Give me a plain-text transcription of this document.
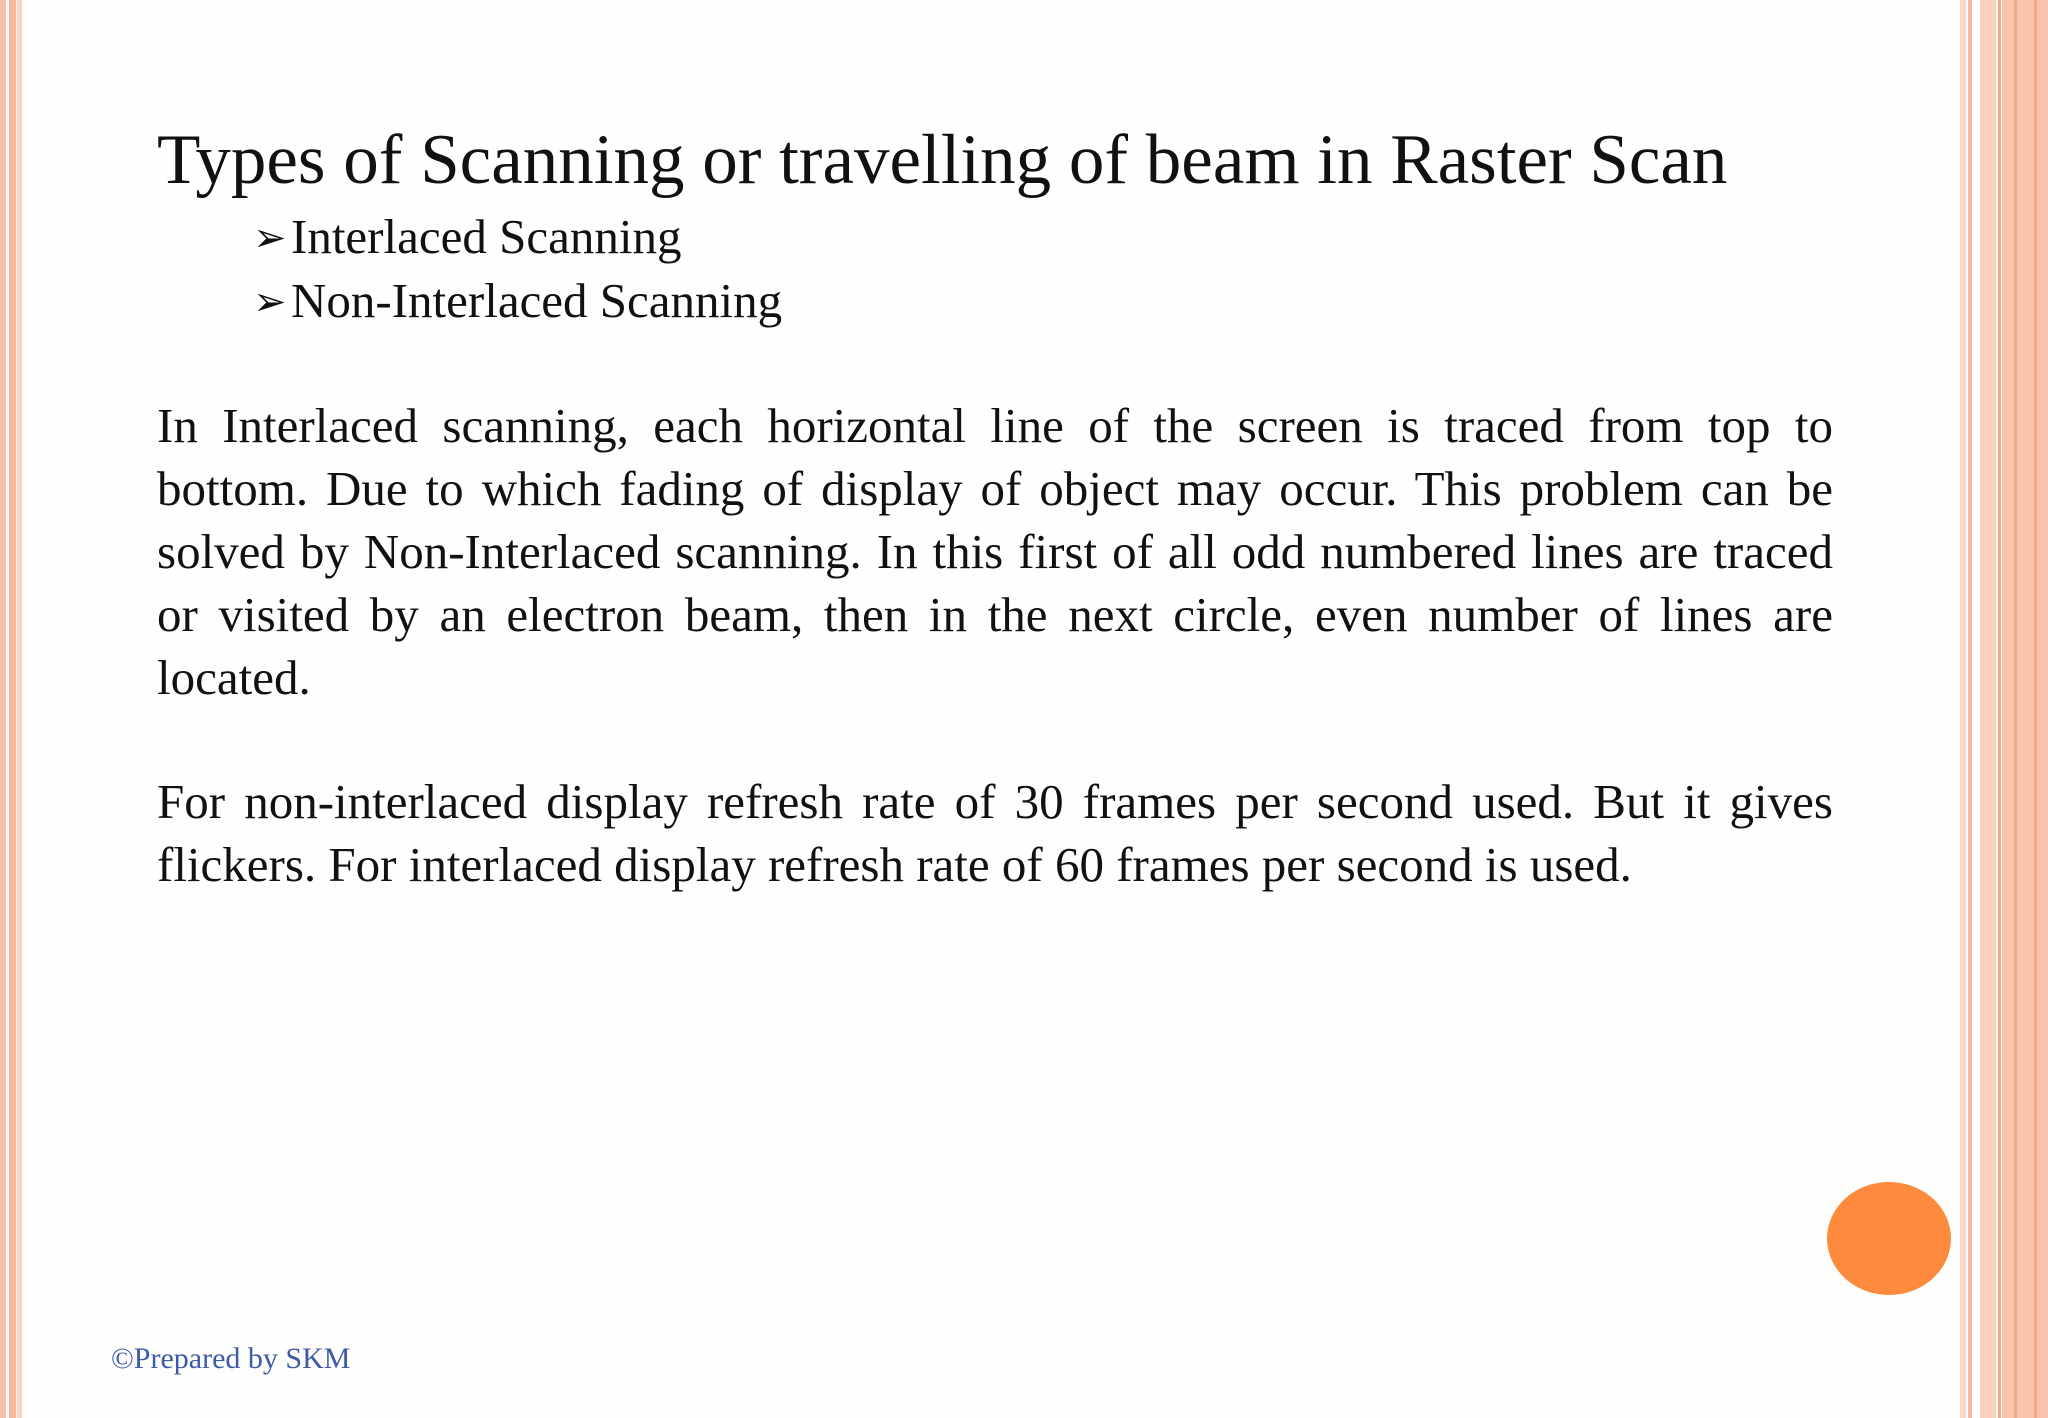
Types of Scanning or travelling of beam in Raster Scan
➢Interlaced Scanning
➢Non-Interlaced Scanning

In Interlaced scanning, each horizontal line of the screen is traced from top to bottom. Due to which fading of display of object may occur. This problem can be solved by Non-Interlaced scanning. In this first of all odd numbered lines are traced or visited by an electron beam, then in the next circle, even number of lines are located.

For non-interlaced display refresh rate of 30 frames per second used. But it gives flickers. For interlaced display refresh rate of 60 frames per second is used.

©Prepared by SKM
